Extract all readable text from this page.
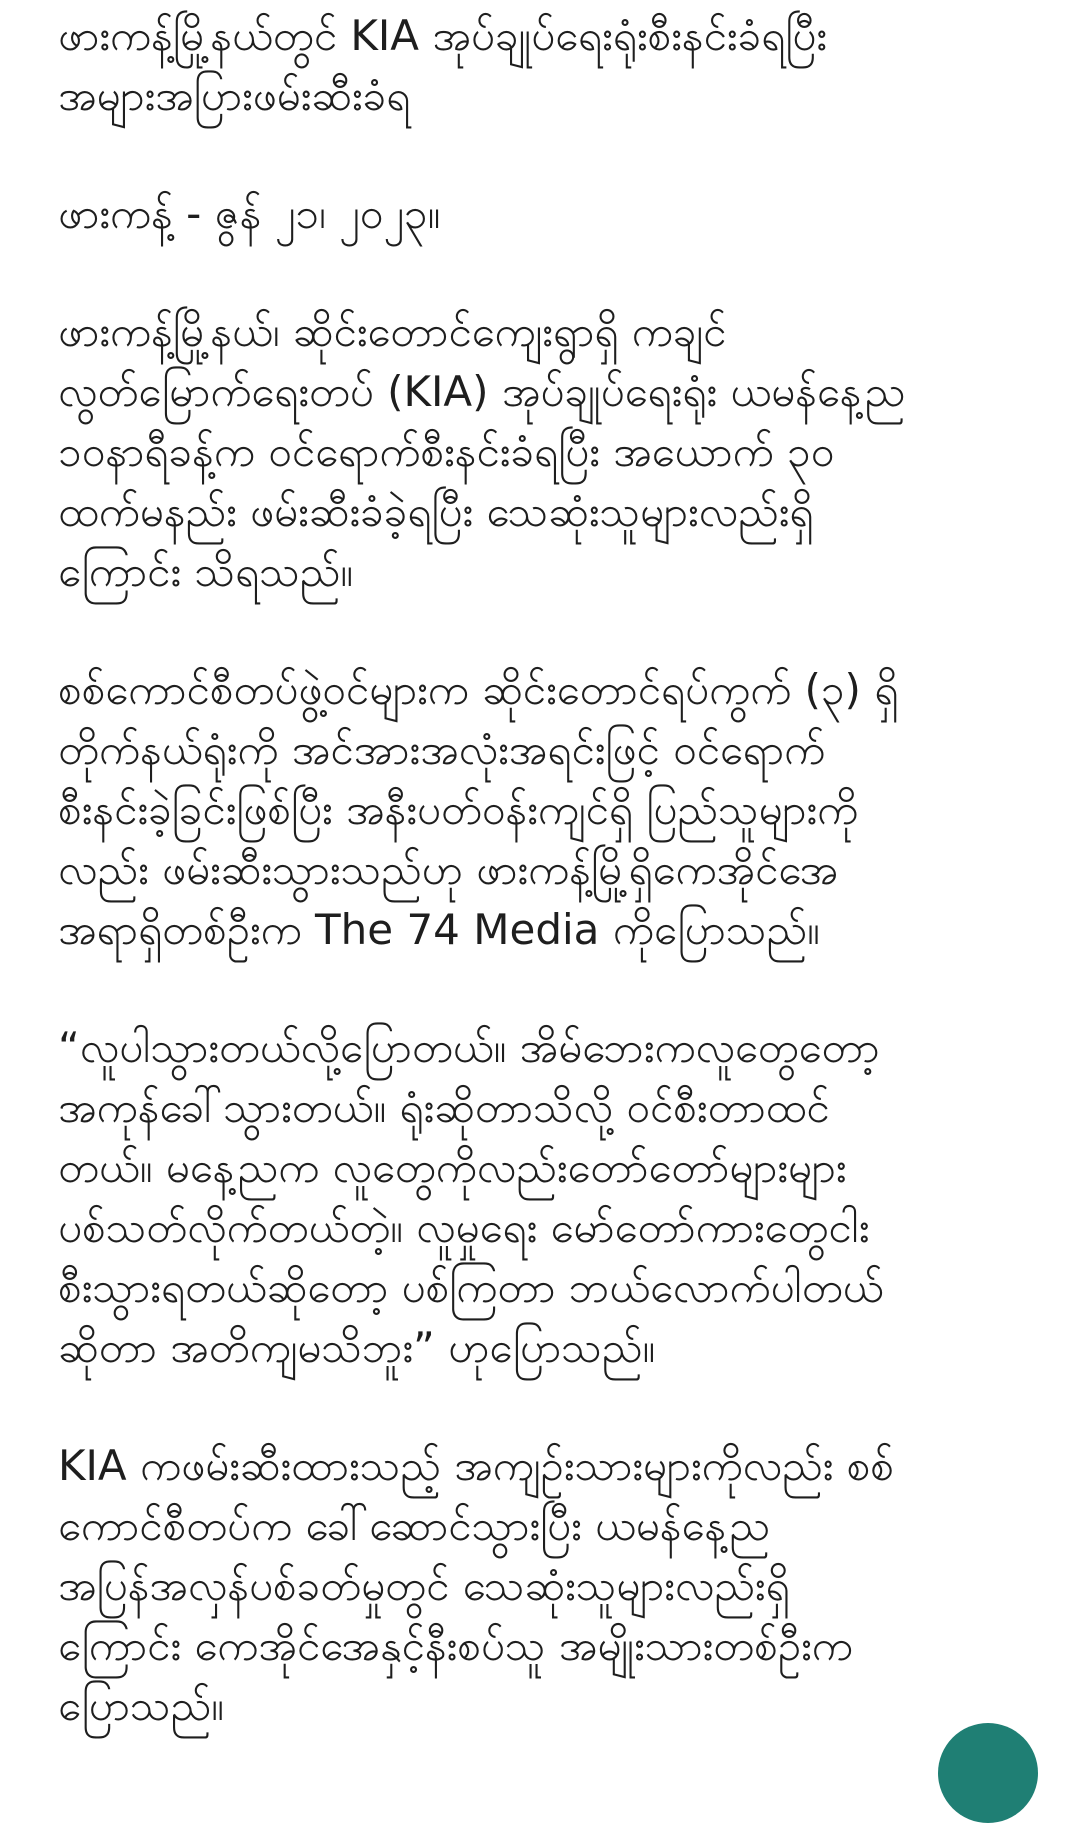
ဖားကန့်မြို့နယ်တွင် KIA အုပ်ချုပ်ရေးရုံးစီးနင်းခံရပြီး
အများအပြားဖမ်းဆီးခံရ
ဖားကန့် - ဇွန် ၂၁၊ ၂၀၂၃။
ဖားကန့်မြို့နယ်၊ ဆိုင်းတောင်ကျေးရွာရှိ ကချင်
လွတ်မြောက်ရေးတပ် (KIA) အုပ်ချုပ်ရေးရုံး ယမန်နေ့ည
၁၀နာရီခန့်က ဝင်ရောက်စီးနင်းခံရပြီး အယောက် ၃၀
ထက်မနည်း ဖမ်းဆီးခံခဲ့ရပြီး သေဆုံးသူများလည်းရှိ
ကြောင်း သိရသည်။
စစ်ကောင်စီတပ်ဖွဲ့ဝင်များက ဆိုင်းတောင်ရပ်ကွက် (၃) ရှိ
တိုက်နယ်ရုံးကို အင်အားအလုံးအရင်းဖြင့် ဝင်ရောက်
စီးနင်းခဲ့ခြင်းဖြစ်ပြီး အနီးပတ်ဝန်းကျင်ရှိ ပြည်သူများကို
လည်း ဖမ်းဆီးသွားသည်ဟု ဖားကန့်မြို့ရှိကေအိုင်အေ
အရာရှိတစ်ဦးက The 74 Media ကိုပြောသည်။
“လူပါသွားတယ်လို့ပြောတယ်။ အိမ်ဘေးကလူတွေတော့
အကုန်ခေါ်သွားတယ်။ ရုံးဆိုတာသိလို့ ဝင်စီးတာထင်
တယ်။ မနေ့ညက လူတွေကိုလည်းတော်တော်များများ
ပစ်သတ်လိုက်တယ်တဲ့။ လူမှုရေး မော်တော်ကားတွေငါး
စီးသွားရတယ်ဆိုတော့ ပစ်ကြတာ ဘယ်လောက်ပါတယ်
ဆိုတာ အတိကျမသိဘူး” ဟုပြောသည်။
KIA ကဖမ်းဆီးထားသည့် အကျဉ်းသားများကိုလည်း စစ်
ကောင်စီတပ်က ခေါ်ဆောင်သွားပြီး ယမန်နေ့ည
အပြန်အလှန်ပစ်ခတ်မှုတွင် သေဆုံးသူများလည်းရှိ
ကြောင်း ကေအိုင်အေနှင့်နီးစပ်သူ အမျိုးသားတစ်ဦးက
ပြောသည်။
